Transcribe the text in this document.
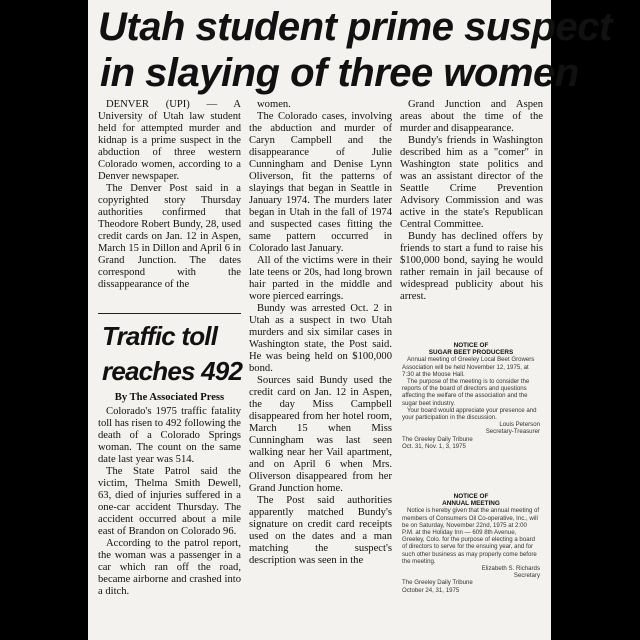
Utah student prime suspect
in slaying of three women

DENVER (UPI) — A University of Utah law student held for attempted murder and kidnap is a prime suspect in the abduction of three western Colorado women, according to a Denver newspaper.

The Denver Post said in a copyrighted story Thursday authorities confirmed that Theodore Robert Bundy, 28, used credit cards on Jan. 12 in Aspen, March 15 in Dillon and April 6 in Grand Junction. The dates correspond with the dissappearance of the

Traffic toll
reaches 492
By The Associated Press

Colorado's 1975 traffic fatality toll has risen to 492 following the death of a Colorado Springs woman. The count on the same date last year was 514.

The State Patrol said the victim, Thelma Smith Dewell, 63, died of injuries suffered in a one-car accident Thursday. The accident occurred about a mile east of Brandon on Colorado 96.

According to the patrol report, the woman was a passenger in a car which ran off the road, became airborne and crashed into a ditch.

women.

The Colorado cases, involving the abduction and murder of Caryn Campbell and the disappearance of Julie Cunningham and Denise Lynn Oliverson, fit the patterns of slayings that began in Seattle in January 1974. The murders later began in Utah in the fall of 1974 and suspected cases fitting the same pattern occurred in Colorado last January.

All of the victims were in their late teens or 20s, had long brown hair parted in the middle and wore pierced earrings.

Bundy was arrested Oct. 2 in Utah as a suspect in two Utah murders and six similar cases in Washington state, the Post said. He was being held on $100,000 bond.

Sources said Bundy used the credit card on Jan. 12 in Aspen, the day Miss Campbell disappeared from her hotel room, March 15 when Miss Cunningham was last seen walking near her Vail apartment, and on April 6 when Mrs. Oliverson disappeared from her Grand Junction home.

The Post said authorities apparently matched Bundy's signature on credit card receipts used on the dates and a man matching the suspect's description was seen in the

Grand Junction and Aspen areas about the time of the murder and disappearance.

Bundy's friends in Washington described him as a "comer" in Washington state politics and was an assistant director of the Seattle Crime Prevention Advisory Commission and was active in the state's Republican Central Committee.

Bundy has declined offers by friends to start a fund to raise his $100,000 bond, saying he would rather remain in jail because of widespread publicity about his arrest.

NOTICE OF
SUGAR BEET PRODUCERS

Annual meeting of Greeley Local Beet Growers Association will be held November 12, 1975, at 7:30 at the Moose Hall.

The purpose of the meeting is to consider the reports of the board of directors and questions affecting the welfare of the association and the sugar beet industry.

Your board would appreciate your presence and your participation in the discussion.

Louis Peterson
Secretary-Treasurer
The Greeley Daily Tribune
Oct. 31, Nov. 1, 3, 1975
NOTICE OF
ANNUAL MEETING

Notice is hereby given that the annual meeting of members of Consumers Oil Co-operative, Inc., will be on Saturday, November 22nd, 1975 at 2:00 P.M. at the Holiday Inn — 609 8th Avenue, Greeley, Colo. for the purpose of electing a board of directors to serve for the ensuing year, and for such other business as may properly come before the meeting.

Elizabeth S. Richards
Secretary
The Greeley Daily Tribune
October 24, 31, 1975
